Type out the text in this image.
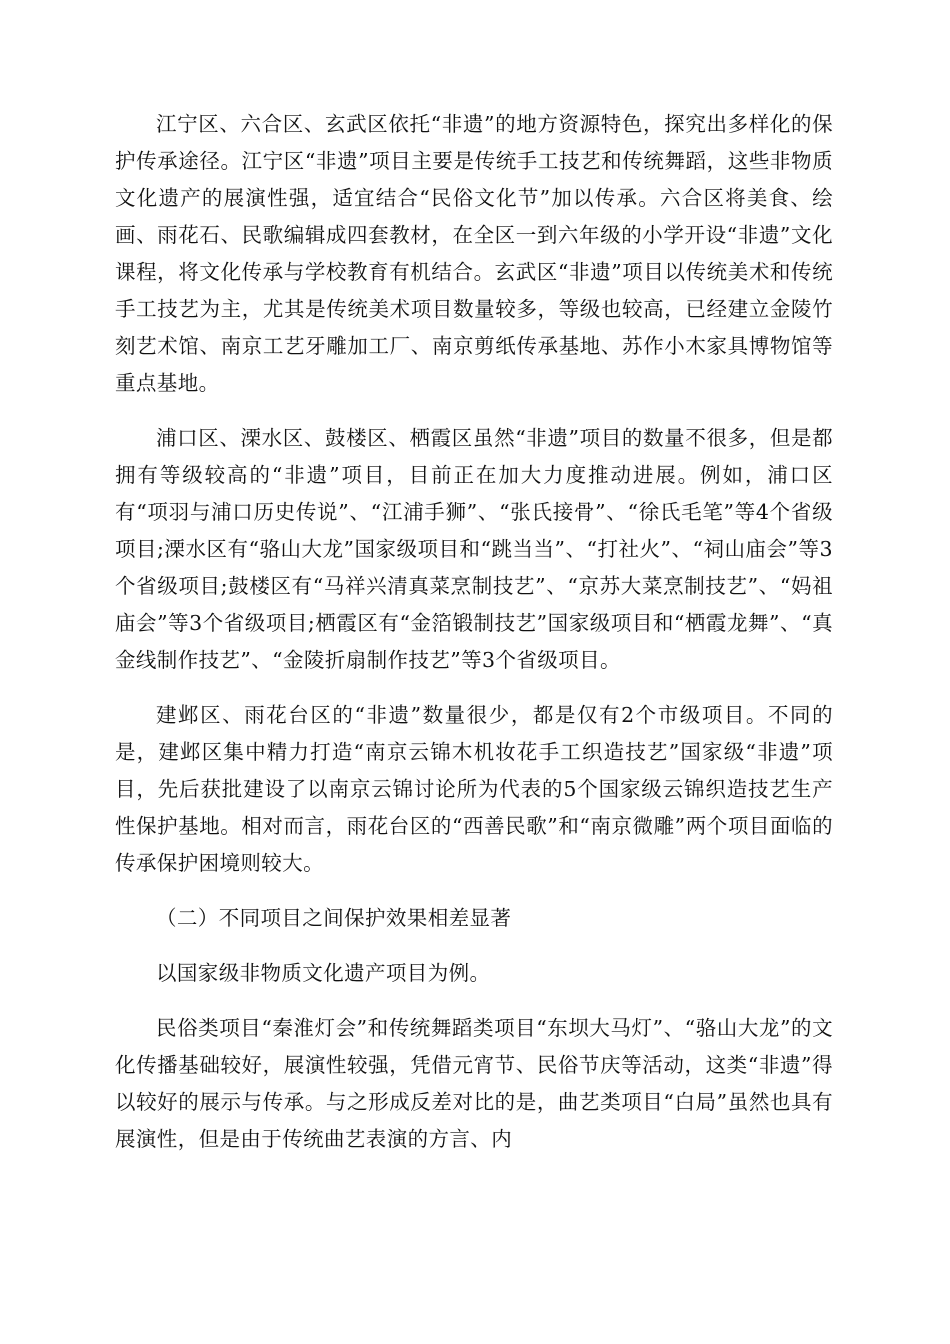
江宁区、六合区、玄武区依托“非遗”的地方资源特色，探究出多样化的保护传承途径。江宁区“非遗”项目主要是传统手工技艺和传统舞蹈，这些非物质文化遗产的展演性强，适宜结合“民俗文化节”加以传承。六合区将美食、绘画、雨花石、民歌编辑成四套教材，在全区一到六年级的小学开设“非遗”文化课程，将文化传承与学校教育有机结合。玄武区“非遗”项目以传统美术和传统手工技艺为主，尤其是传统美术项目数量较多，等级也较高，已经建立金陵竹刻艺术馆、南京工艺牙雕加工厂、南京剪纸传承基地、苏作小木家具博物馆等重点基地。

浦口区、溧水区、鼓楼区、栖霞区虽然“非遗”项目的数量不很多，但是都拥有等级较高的“非遗”项目，目前正在加大力度推动进展。例如，浦口区有“项羽与浦口历史传说”、“江浦手狮”、“张氏接骨”、“徐氏毛笔”等4个省级项目;溧水区有“骆山大龙”国家级项目和“跳当当”、“打社火”、“祠山庙会”等3个省级项目;鼓楼区有“马祥兴清真菜烹制技艺”、“京苏大菜烹制技艺”、“妈祖庙会”等3个省级项目;栖霞区有“金箔锻制技艺”国家级项目和“栖霞龙舞”、“真金线制作技艺”、“金陵折扇制作技艺”等3个省级项目。

建邺区、雨花台区的“非遗”数量很少，都是仅有2个市级项目。不同的是，建邺区集中精力打造“南京云锦木机妆花手工织造技艺”国家级“非遗”项目，先后获批建设了以南京云锦讨论所为代表的5个国家级云锦织造技艺生产性保护基地。相对而言，雨花台区的“西善民歌”和“南京微雕”两个项目面临的传承保护困境则较大。

（二）不同项目之间保护效果相差显著

以国家级非物质文化遗产项目为例。

民俗类项目“秦淮灯会”和传统舞蹈类项目“东坝大马灯”、“骆山大龙”的文化传播基础较好，展演性较强，凭借元宵节、民俗节庆等活动，这类“非遗”得以较好的展示与传承。与之形成反差对比的是，曲艺类项目“白局”虽然也具有展演性，但是由于传统曲艺表演的方言、内
